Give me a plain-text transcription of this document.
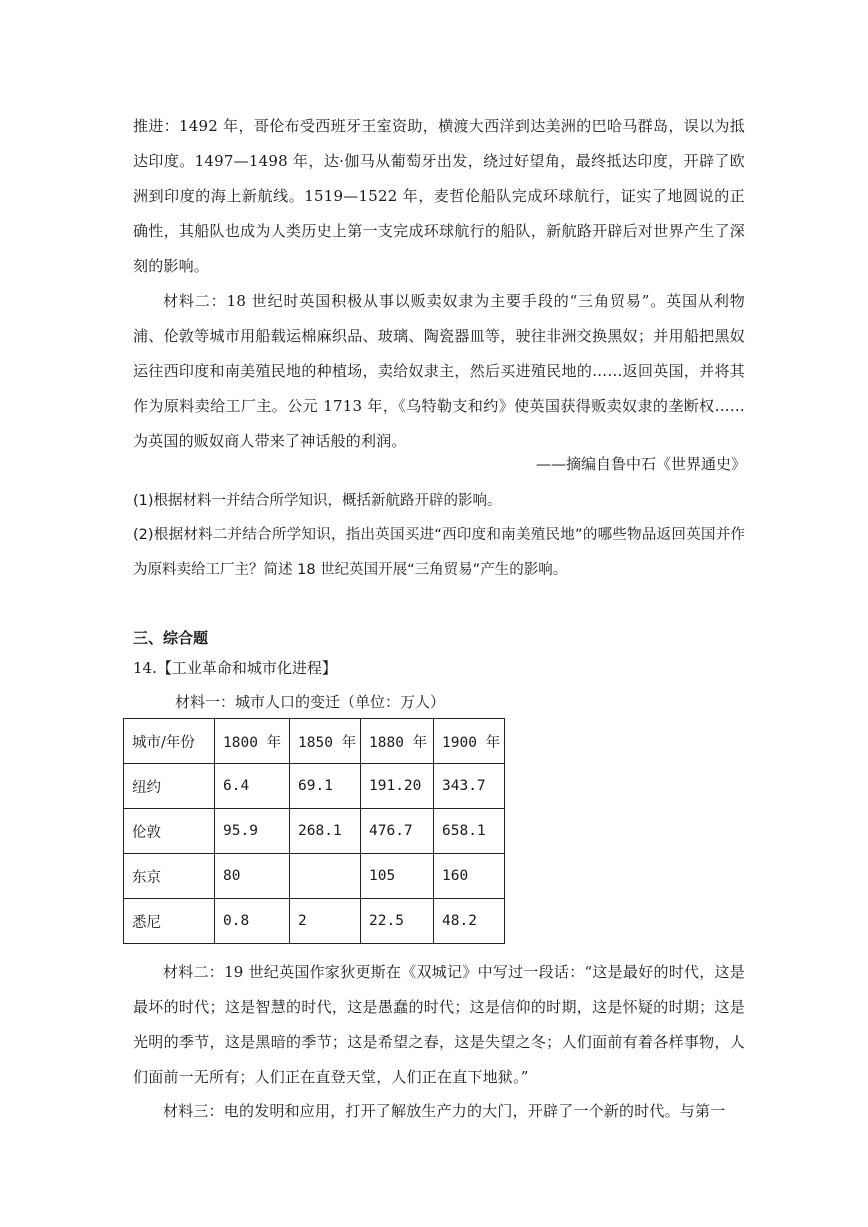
推进：1492 年，哥伦布受西班牙王室资助，横渡大西洋到达美洲的巴哈马群岛，误以为抵达印度。1497—1498 年，达·伽马从葡萄牙出发，绕过好望角，最终抵达印度，开辟了欧洲到印度的海上新航线。1519—1522 年，麦哲伦船队完成环球航行，证实了地圆说的正确性，其船队也成为人类历史上第一支完成环球航行的船队，新航路开辟后对世界产生了深刻的影响。

材料二：18 世纪时英国积极从事以贩卖奴隶为主要手段的“三角贸易”。英国从利物浦、伦敦等城市用船载运棉麻织品、玻璃、陶瓷器皿等，驶往非洲交换黑奴；并用船把黑奴运往西印度和南美殖民地的种植场，卖给奴隶主，然后买进殖民地的……返回英国，并将其作为原料卖给工厂主。公元 1713 年，《乌特勒支和约》使英国获得贩卖奴隶的垄断权……为英国的贩奴商人带来了神话般的利润。

——摘编自鲁中石《世界通史》

(1)根据材料一并结合所学知识，概括新航路开辟的影响。

(2)根据材料二并结合所学知识，指出英国买进“西印度和南美殖民地”的哪些物品返回英国并作为原料卖给工厂主？简述 18 世纪英国开展“三角贸易”产生的影响。

三、综合题

14.【工业革命和城市化进程】

材料一：城市人口的变迁（单位：万人）

城市/年份	1800 年	1850 年	1880 年	1900 年
纽约	6.4	69.1	191.20	343.7
伦敦	95.9	268.1	476.7	658.1
东京	80		105	160
悉尼	0.8	2	22.5	48.2

材料二：19 世纪英国作家狄更斯在《双城记》中写过一段话：“这是最好的时代，这是最坏的时代；这是智慧的时代，这是愚蠢的时代；这是信仰的时期，这是怀疑的时期；这是光明的季节，这是黑暗的季节；这是希望之春，这是失望之冬；人们面前有着各样事物，人们面前一无所有；人们正在直登天堂，人们正在直下地狱。”

材料三：电的发明和应用，打开了解放生产力的大门，开辟了一个新的时代。与第一
